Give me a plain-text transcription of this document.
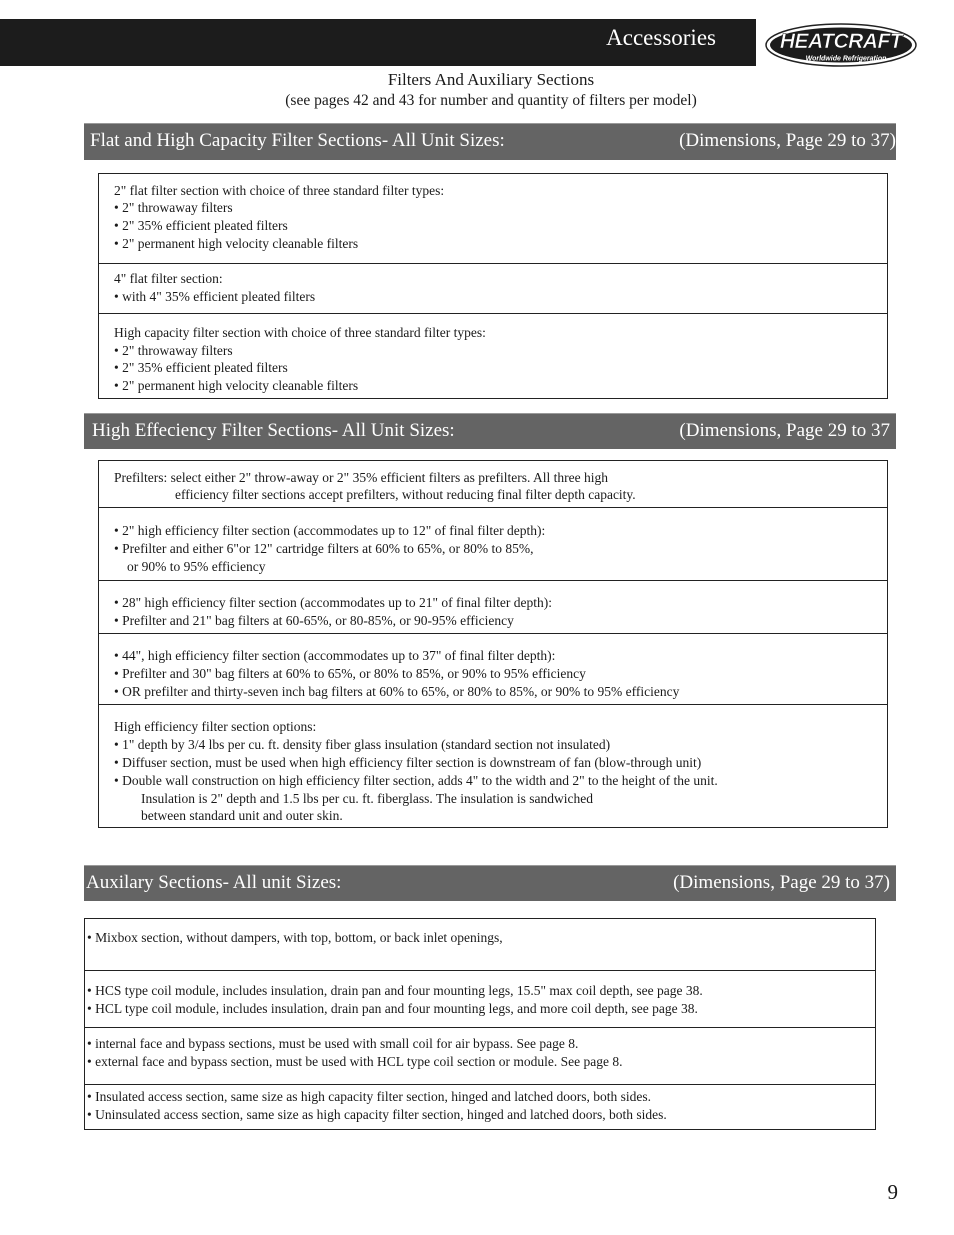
Accessories	HEATCRAFT
Worldwide Refrigeration
Filters And Auxiliary Sections
(see pages 42 and 43 for number and quantity of filters per model)
Flat and High Capacity Filter Sections- All Unit Sizes:	(Dimensions, Page 29 to 37)
2" flat filter section with choice of three standard filter types:
• 2" throwaway filters
• 2" 35% efficient pleated filters
• 2" permanent high velocity cleanable filters
4" flat filter section:
• with 4" 35% efficient pleated filters
High capacity filter section with choice of three standard filter types:
• 2" throwaway filters
• 2" 35% efficient pleated filters
• 2" permanent high velocity cleanable filters
High Effeciency Filter Sections- All Unit Sizes:	(Dimensions, Page 29 to 37
Prefilters: select either 2" throw-away or 2" 35% efficient filters as prefilters. All three high
efficiency filter sections accept prefilters, without reducing final filter depth capacity.
• 2" high efficiency filter section (accommodates up to 12" of final filter depth):
• Prefilter and either 6"or 12" cartridge filters at 60% to 65%, or 80% to 85%,
or 90% to 95% efficiency
• 28" high efficiency filter section (accommodates up to 21" of final filter depth):
• Prefilter and 21" bag filters at 60-65%, or 80-85%, or 90-95% efficiency
• 44", high efficiency filter section (accommodates up to 37" of final filter depth):
• Prefilter and 30" bag filters at 60% to 65%, or 80% to 85%, or 90% to 95% efficiency
• OR prefilter and thirty-seven inch bag filters at 60% to 65%, or 80% to 85%, or 90% to 95% efficiency
High efficiency filter section options:
• 1" depth by 3/4 lbs per cu. ft. density fiber glass insulation (standard section not insulated)
• Diffuser section, must be used when high efficiency filter section is downstream of fan (blow-through unit)
• Double wall construction on high efficiency filter section, adds 4" to the width and 2" to the height of the unit.
Insulation is 2" depth and 1.5 lbs per cu. ft. fiberglass. The insulation is sandwiched
between standard unit and outer skin.
Auxilary Sections- All unit Sizes:	(Dimensions, Page 29 to 37)
• Mixbox section, without dampers, with top, bottom, or back inlet openings,
• HCS type coil module, includes insulation, drain pan and four mounting legs, 15.5" max coil depth, see page 38.
• HCL type coil module, includes insulation, drain pan and four mounting legs, and more coil depth, see page 38.
• internal face and bypass sections, must be used with small coil for air bypass. See page 8.
• external face and bypass section, must be used with HCL type coil section or module. See page 8.
• Insulated access section, same size as high capacity filter section, hinged and latched doors, both sides.
• Uninsulated access section, same size as high capacity filter section, hinged and latched doors, both sides.
9
